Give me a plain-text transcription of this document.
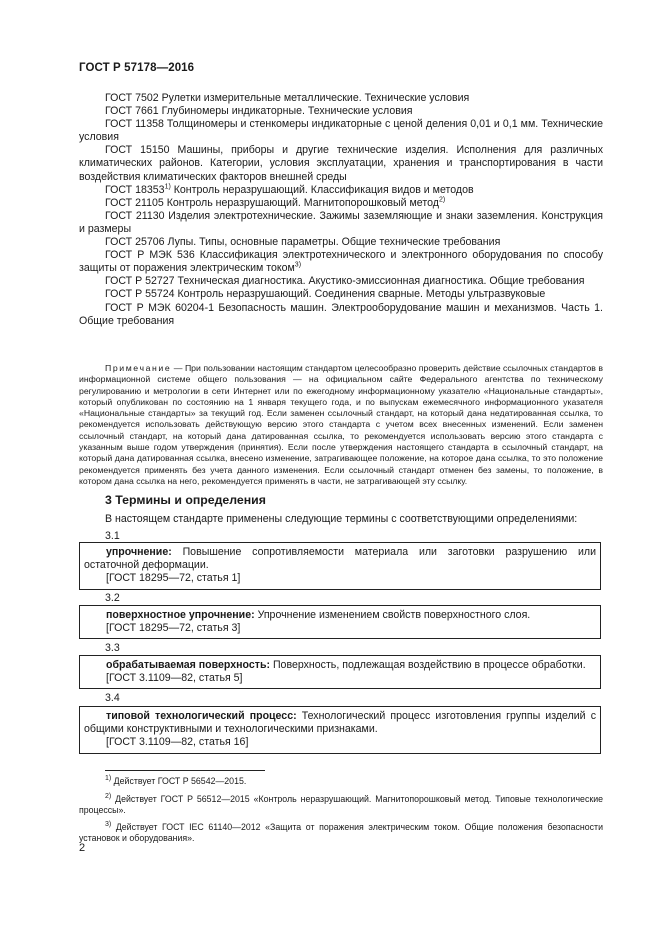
ГОСТ Р 57178—2016

ГОСТ 7502 Рулетки измерительные металлические. Технические условия

ГОСТ 7661 Глубиномеры индикаторные. Технические условия

ГОСТ 11358 Толщиномеры и стенкомеры индикаторные с ценой деления 0,01 и 0,1 мм. Технические условия

ГОСТ 15150 Машины, приборы и другие технические изделия. Исполнения для различных климатических районов. Категории, условия эксплуатации, хранения и транспортирования в части воздействия климатических факторов внешней среды

ГОСТ 18353$^{1)}$ Контроль неразрушающий. Классификация видов и методов

ГОСТ 21105 Контроль неразрушающий. Магнитопорошковый метод$^{2)}$

ГОСТ 21130 Изделия электротехнические. Зажимы заземляющие и знаки заземления. Конструкция и размеры

ГОСТ 25706 Лупы. Типы, основные параметры. Общие технические требования

ГОСТ Р МЭК 536 Классификация электротехнического и электронного оборудования по способу защиты от поражения электрическим током$^{3)}$

ГОСТ Р 52727 Техническая диагностика. Акустико-эмиссионная диагностика. Общие требования

ГОСТ Р 55724 Контроль неразрушающий. Соединения сварные. Методы ультразвуковые

ГОСТ Р МЭК 60204-1 Безопасность машин. Электрооборудование машин и механизмов. Часть 1. Общие требования

Примечание — При пользовании настоящим стандартом целесообразно проверить действие ссылочных стандартов в информационной системе общего пользования — на официальном сайте Федерального агентства по техническому регулированию и метрологии в сети Интернет или по ежегодному информационному указателю «Национальные стандарты», который опубликован по состоянию на 1 января текущего года, и по выпускам ежемесячного информационного указателя «Национальные стандарты» за текущий год. Если заменен ссылочный стандарт, на который дана недатированная ссылка, то рекомендуется использовать действующую версию этого стандарта с учетом всех внесенных изменений. Если заменен ссылочный стандарт, на который дана датированная ссылка, то рекомендуется использовать версию этого стандарта с указанным выше годом утверждения (принятия). Если после утверждения настоящего стандарта в ссылочный стандарт, на который дана датированная ссылка, внесено изменение, затрагивающее положение, на которое дана ссылка, то это положение рекомендуется применять без учета данного изменения. Если ссылочный стандарт отменен без замены, то положение, в котором дана ссылка на него, рекомендуется применять в части, не затрагивающей эту ссылку.

3 Термины и определения
В настоящем стандарте применены следующие термины с соответствующими определениями:
3.1

упрочнение: Повышение сопротивляемости материала или заготовки разрушению или остаточной деформации.

[ГОСТ 18295—72, статья 1]

3.2

поверхностное упрочнение: Упрочнение изменением свойств поверхностного слоя.

[ГОСТ 18295—72, статья 3]

3.3

обрабатываемая поверхность: Поверхность, подлежащая воздействию в процессе обработки.

[ГОСТ 3.1109—82, статья 5]

3.4

типовой технологический процесс: Технологический процесс изготовления группы изделий с общими конструктивными и технологическими признаками.

[ГОСТ 3.1109—82, статья 16]

$^{1)}$ Действует ГОСТ Р 56542—2015.

$^{2)}$ Действует ГОСТ Р 56512—2015 «Контроль неразрушающий. Магнитопорошковый метод. Типовые технологические процессы».

$^{3)}$ Действует ГОСТ IEC 61140—2012 «Защита от поражения электрическим током. Общие положения безопасности установок и оборудования».

2
